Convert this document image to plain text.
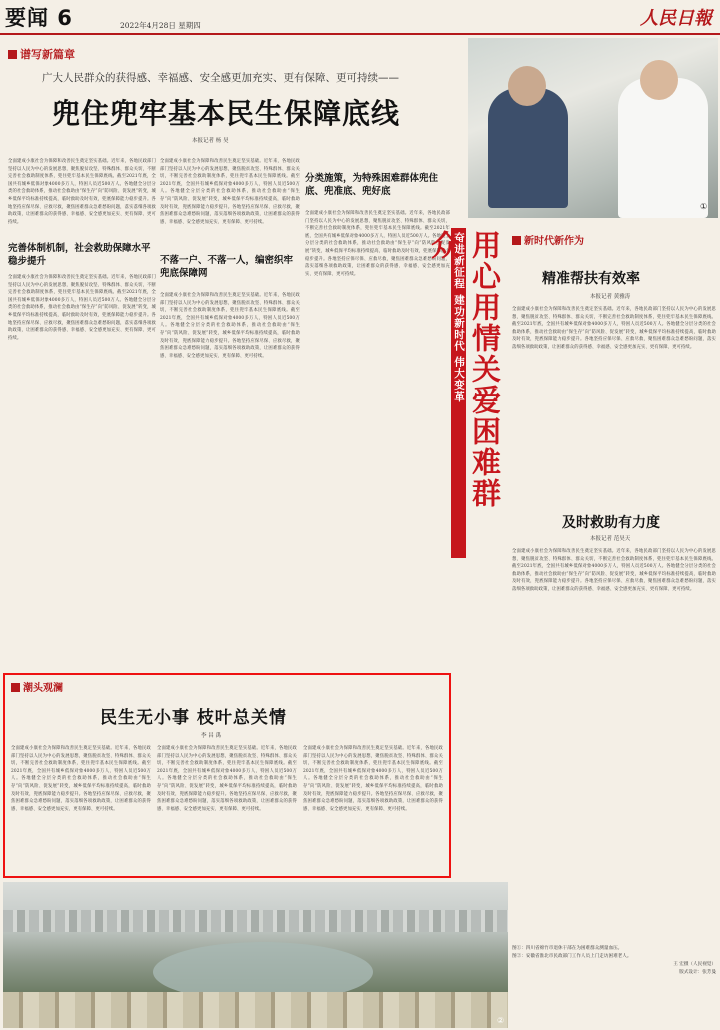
要闻 6	2022年4月28日 星期四	人民日報
谱写新篇章
广大人民群众的获得感、幸福感、安全感更加充实、更有保障、更可持续——
兜住兜牢基本民生保障底线
本报记者 杨 昊
①
全面建成小康社会为保障和改善民生奠定坚实基础。近年来，各地民政部门坚持以人民为中心的发展思想，聚焦脱贫攻坚、特殊群体、群众关切，不断完善社会救助制度体系，兜住兜牢基本民生保障底线。截至2021年底，全国共有城乡低保对象4000多万人，特困人员近500万人。各地健全分层分类的社会救助体系，推动社会救助由“保生存”向“防风险、促发展”转变，城乡低保平均标准持续提高，临时救助及时有效，兜底保障能力稳步提升。各地坚持应保尽保、应救尽救，聚焦困难群众急难愁盼问题，落实落细各项救助政策，让困难群众的获得感、幸福感、安全感更加充实、更有保障、更可持续。
完善体制机制，社会救助保障水平稳步提升
全面建成小康社会为保障和改善民生奠定坚实基础。近年来，各地民政部门坚持以人民为中心的发展思想，聚焦脱贫攻坚、特殊群体、群众关切，不断完善社会救助制度体系，兜住兜牢基本民生保障底线。截至2021年底，全国共有城乡低保对象4000多万人，特困人员近500万人。各地健全分层分类的社会救助体系，推动社会救助由“保生存”向“防风险、促发展”转变，城乡低保平均标准持续提高，临时救助及时有效，兜底保障能力稳步提升。各地坚持应保尽保、应救尽救，聚焦困难群众急难愁盼问题，落实落细各项救助政策，让困难群众的获得感、幸福感、安全感更加充实、更有保障、更可持续。
全面建成小康社会为保障和改善民生奠定坚实基础。近年来，各地民政部门坚持以人民为中心的发展思想，聚焦脱贫攻坚、特殊群体、群众关切，不断完善社会救助制度体系，兜住兜牢基本民生保障底线。截至2021年底，全国共有城乡低保对象4000多万人，特困人员近500万人。各地健全分层分类的社会救助体系，推动社会救助由“保生存”向“防风险、促发展”转变，城乡低保平均标准持续提高，临时救助及时有效，兜底保障能力稳步提升。各地坚持应保尽保、应救尽救，聚焦困难群众急难愁盼问题，落实落细各项救助政策，让困难群众的获得感、幸福感、安全感更加充实、更有保障、更可持续。
不落一户、不落一人，编密织牢兜底保障网
全面建成小康社会为保障和改善民生奠定坚实基础。近年来，各地民政部门坚持以人民为中心的发展思想，聚焦脱贫攻坚、特殊群体、群众关切，不断完善社会救助制度体系，兜住兜牢基本民生保障底线。截至2021年底，全国共有城乡低保对象4000多万人，特困人员近500万人。各地健全分层分类的社会救助体系，推动社会救助由“保生存”向“防风险、促发展”转变，城乡低保平均标准持续提高，临时救助及时有效，兜底保障能力稳步提升。各地坚持应保尽保、应救尽救，聚焦困难群众急难愁盼问题，落实落细各项救助政策，让困难群众的获得感、幸福感、安全感更加充实、更有保障、更可持续。
分类施策，为特殊困难群体兜住底、兜准底、兜好底
全面建成小康社会为保障和改善民生奠定坚实基础。近年来，各地民政部门坚持以人民为中心的发展思想，聚焦脱贫攻坚、特殊群体、群众关切，不断完善社会救助制度体系，兜住兜牢基本民生保障底线。截至2021年底，全国共有城乡低保对象4000多万人，特困人员近500万人。各地健全分层分类的社会救助体系，推动社会救助由“保生存”向“防风险、促发展”转变，城乡低保平均标准持续提高，临时救助及时有效，兜底保障能力稳步提升。各地坚持应保尽保、应救尽救，聚焦困难群众急难愁盼问题，落实落细各项救助政策，让困难群众的获得感、幸福感、安全感更加充实、更有保障、更可持续。	奋进新征程 建功新时代 伟大变革 用心用情关爱困难群众	新时代新作为
精准帮扶有效率
本报记者 黄雅涛
全面建成小康社会为保障和改善民生奠定坚实基础。近年来，各地民政部门坚持以人民为中心的发展思想，聚焦脱贫攻坚、特殊群体、群众关切，不断完善社会救助制度体系，兜住兜牢基本民生保障底线。截至2021年底，全国共有城乡低保对象4000多万人，特困人员近500万人。各地健全分层分类的社会救助体系，推动社会救助由“保生存”向“防风险、促发展”转变，城乡低保平均标准持续提高，临时救助及时有效，兜底保障能力稳步提升。各地坚持应保尽保、应救尽救，聚焦困难群众急难愁盼问题，落实落细各项救助政策，让困难群众的获得感、幸福感、安全感更加充实、更有保障、更可持续。
及时救助有力度
本报记者 范昊天
全面建成小康社会为保障和改善民生奠定坚实基础。近年来，各地民政部门坚持以人民为中心的发展思想，聚焦脱贫攻坚、特殊群体、群众关切，不断完善社会救助制度体系，兜住兜牢基本民生保障底线。截至2021年底，全国共有城乡低保对象4000多万人，特困人员近500万人。各地健全分层分类的社会救助体系，推动社会救助由“保生存”向“防风险、促发展”转变，城乡低保平均标准持续提高，临时救助及时有效，兜底保障能力稳步提升。各地坚持应保尽保、应救尽救，聚焦困难群众急难愁盼问题，落实落细各项救助政策，让困难群众的获得感、幸福感、安全感更加充实、更有保障、更可持续。
图①：四川省绵竹市退休干部在为困难群众测量血压。
图②：安徽省淮北市民政部门工作人员上门走访困难老人。
王 宏摄（人民视觉）
版式设计：张芳曼
潮头观澜
民生无小事 枝叶总关情
李 昌 禹
全面建成小康社会为保障和改善民生奠定坚实基础。近年来，各地民政部门坚持以人民为中心的发展思想，聚焦脱贫攻坚、特殊群体、群众关切，不断完善社会救助制度体系，兜住兜牢基本民生保障底线。截至2021年底，全国共有城乡低保对象4000多万人，特困人员近500万人。各地健全分层分类的社会救助体系，推动社会救助由“保生存”向“防风险、促发展”转变，城乡低保平均标准持续提高，临时救助及时有效，兜底保障能力稳步提升。各地坚持应保尽保、应救尽救，聚焦困难群众急难愁盼问题，落实落细各项救助政策，让困难群众的获得感、幸福感、安全感更加充实、更有保障、更可持续。
全面建成小康社会为保障和改善民生奠定坚实基础。近年来，各地民政部门坚持以人民为中心的发展思想，聚焦脱贫攻坚、特殊群体、群众关切，不断完善社会救助制度体系，兜住兜牢基本民生保障底线。截至2021年底，全国共有城乡低保对象4000多万人，特困人员近500万人。各地健全分层分类的社会救助体系，推动社会救助由“保生存”向“防风险、促发展”转变，城乡低保平均标准持续提高，临时救助及时有效，兜底保障能力稳步提升。各地坚持应保尽保、应救尽救，聚焦困难群众急难愁盼问题，落实落细各项救助政策，让困难群众的获得感、幸福感、安全感更加充实、更有保障、更可持续。
全面建成小康社会为保障和改善民生奠定坚实基础。近年来，各地民政部门坚持以人民为中心的发展思想，聚焦脱贫攻坚、特殊群体、群众关切，不断完善社会救助制度体系，兜住兜牢基本民生保障底线。截至2021年底，全国共有城乡低保对象4000多万人，特困人员近500万人。各地健全分层分类的社会救助体系，推动社会救助由“保生存”向“防风险、促发展”转变，城乡低保平均标准持续提高，临时救助及时有效，兜底保障能力稳步提升。各地坚持应保尽保、应救尽救，聚焦困难群众急难愁盼问题，落实落细各项救助政策，让困难群众的获得感、幸福感、安全感更加充实、更有保障、更可持续。
②
